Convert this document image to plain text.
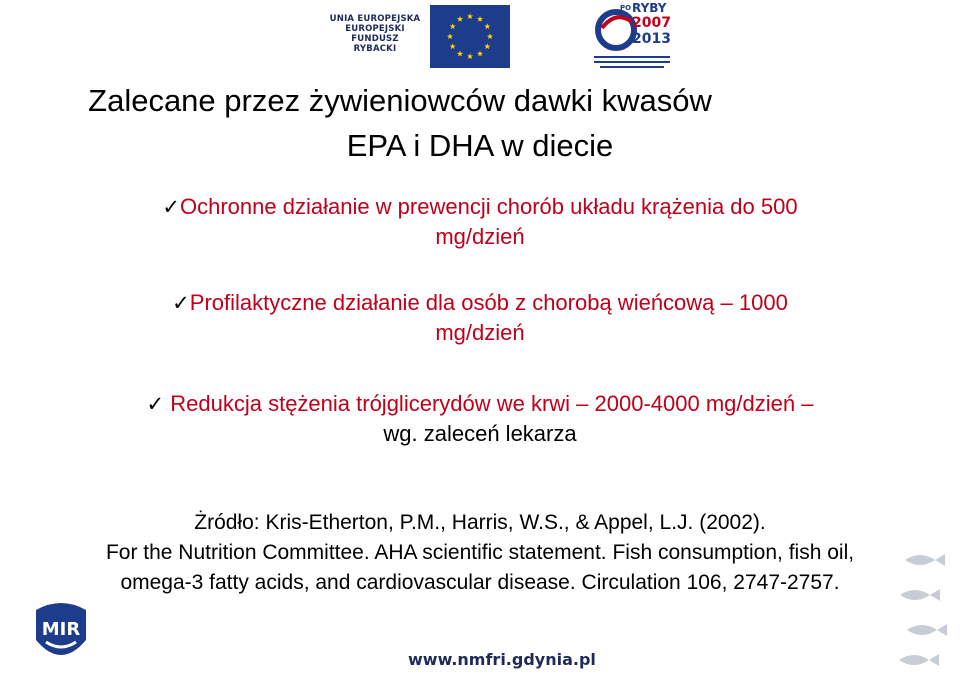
UNIA EUROPEJSKA
EUROPEJSKI FUNDUSZ
RYBACKI
PO RYBY
2007
2013
Zalecane przez żywieniowców dawki kwasów
EPA i DHA w diecie
✓Ochronne działanie w prewencji chorób układu krążenia do 500
mg/dzień
✓Profilaktyczne działanie dla osób z chorobą wieńcową – 1000
mg/dzień
✓ Redukcja stężenia trójglicerydów we krwi – 2000-4000 mg/dzień –
wg. zaleceń lekarza
Żródło: Kris-Etherton, P.M., Harris, W.S., & Appel, L.J. (2002).
For the Nutrition Committee. AHA scientific statement. Fish consumption, fish oil,
omega-3 fatty acids, and cardiovascular disease. Circulation 106, 2747-2757.
MIR
www.nmfri.gdynia.pl
